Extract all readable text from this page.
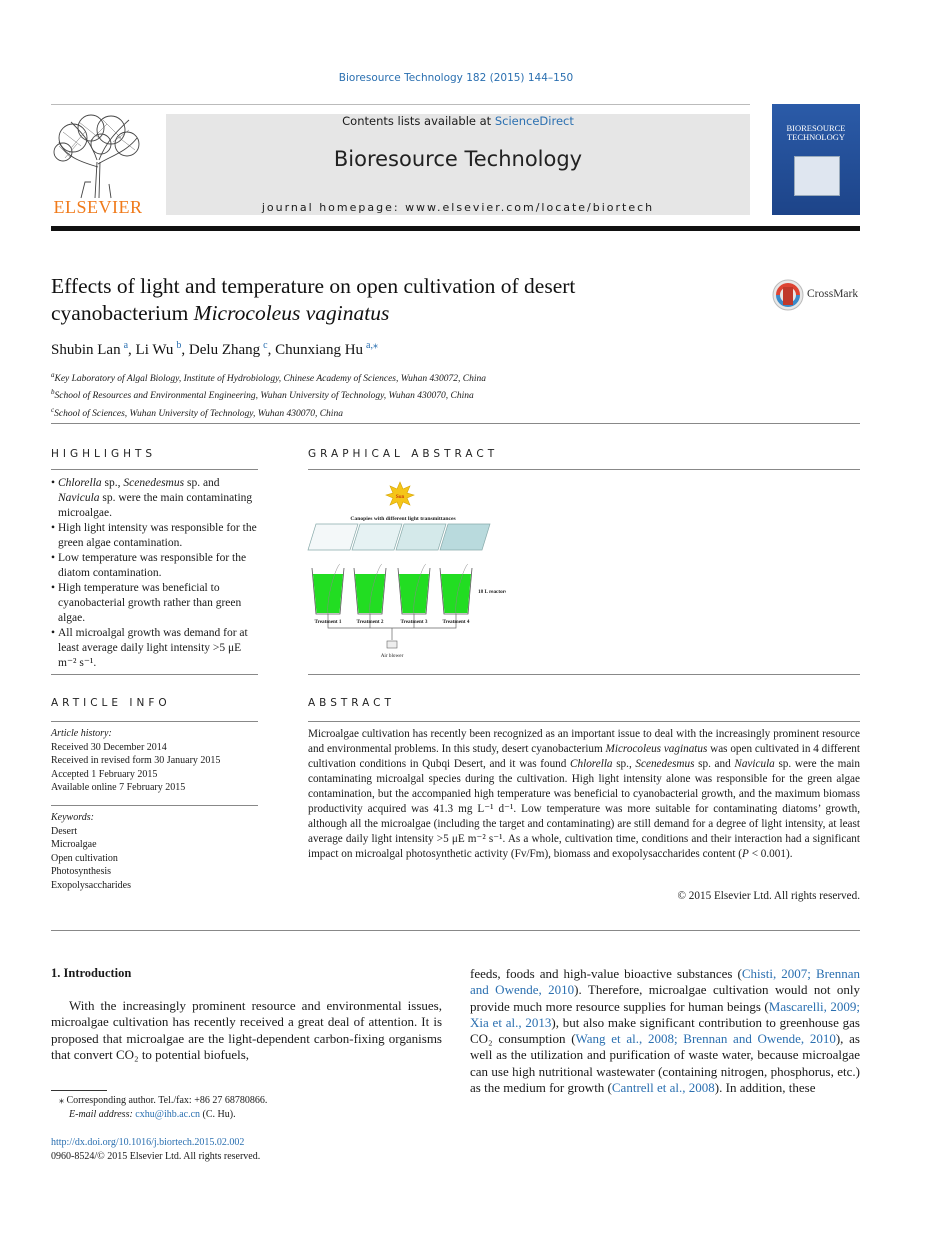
Bioresource Technology 182 (2015) 144–150
ELSEVIER
Contents lists available at ScienceDirect
Bioresource Technology
journal homepage: www.elsevier.com/locate/biortech
BIORESOURCE TECHNOLOGY
Effects of light and temperature on open cultivation of desert
cyanobacterium Microcoleus vaginatus
CrossMark
Shubin Lan $^a$, Li Wu $^b$, Delu Zhang $^c$, Chunxiang Hu $^{a,⁎}$
$^a$Key Laboratory of Algal Biology, Institute of Hydrobiology, Chinese Academy of Sciences, Wuhan 430072, China
$^b$School of Resources and Environmental Engineering, Wuhan University of Technology, Wuhan 430070, China
$^c$School of Sciences, Wuhan University of Technology, Wuhan 430070, China
HIGHLIGHTS
• Chlorella sp., Scenedesmus sp. and Navicula sp. were the main contaminating microalgae.
• High light intensity was responsible for the green algae contamination.
• Low temperature was responsible for the diatom contamination.
• High temperature was beneficial to cyanobacterial growth rather than green algae.
• All microalgal growth was demand for at least average daily light intensity >5 μE m⁻² s⁻¹.
GRAPHICAL ABSTRACT
Sun
Canopies with different light transmittances
Treatment 1	Treatment 2	Treatment 3	Treatment 4
18 L reactors
Air blower
ARTICLE INFO
Article history:
Received 30 December 2014
Received in revised form 30 January 2015
Accepted 1 February 2015
Available online 7 February 2015
Keywords:
Desert
Microalgae
Open cultivation
Photosynthesis
Exopolysaccharides
ABSTRACT
Microalgae cultivation has recently been recognized as an important issue to deal with the increasingly prominent resource and environmental problems. In this study, desert cyanobacterium Microcoleus vaginatus was open cultivated in 4 different cultivation conditions in Qubqi Desert, and it was found Chlorella sp., Scenedesmus sp. and Navicula sp. were the main contaminating microalgal species during the cultivation. High light intensity alone was responsible for the green algae contamination, but the accompanied high temperature was beneficial to cyanobacterial growth, and the maximum biomass productivity acquired was 41.3 mg L⁻¹ d⁻¹. Low temperature was more suitable for contaminating diatoms’ growth, although all the microalgae (including the target and contaminating) are still demand for a degree of light intensity, at least average daily light intensity >5 μE m⁻² s⁻¹. As a whole, cultivation time, conditions and their interaction had a significant impact on microalgal photosynthetic activity (Fv/Fm), biomass and exopolysaccharides content (P < 0.001).
© 2015 Elsevier Ltd. All rights reserved.
1. Introduction
With the increasingly prominent resource and environmental issues, microalgae cultivation has recently received a great deal of attention. It is proposed that microalgae are the light-dependent carbon-fixing organisms that convert CO₂ to potential biofuels,
feeds, foods and high-value bioactive substances (Chisti, 2007; Brennan and Owende, 2010). Therefore, microalgae cultivation would not only provide much more resource supplies for human beings (Mascarelli, 2009; Xia et al., 2013), but also make significant contribution to greenhouse gas CO₂ consumption (Wang et al., 2008; Brennan and Owende, 2010), as well as the utilization and purification of waste water, because microalgae can use high nutritional wastewater (containing nitrogen, phosphorus, etc.) as the medium for growth (Cantrell et al., 2008). In addition, these
⁎ Corresponding author. Tel./fax: +86 27 68780866.
E-mail address: cxhu@ihb.ac.cn (C. Hu).
http://dx.doi.org/10.1016/j.biortech.2015.02.002
0960-8524/© 2015 Elsevier Ltd. All rights reserved.
